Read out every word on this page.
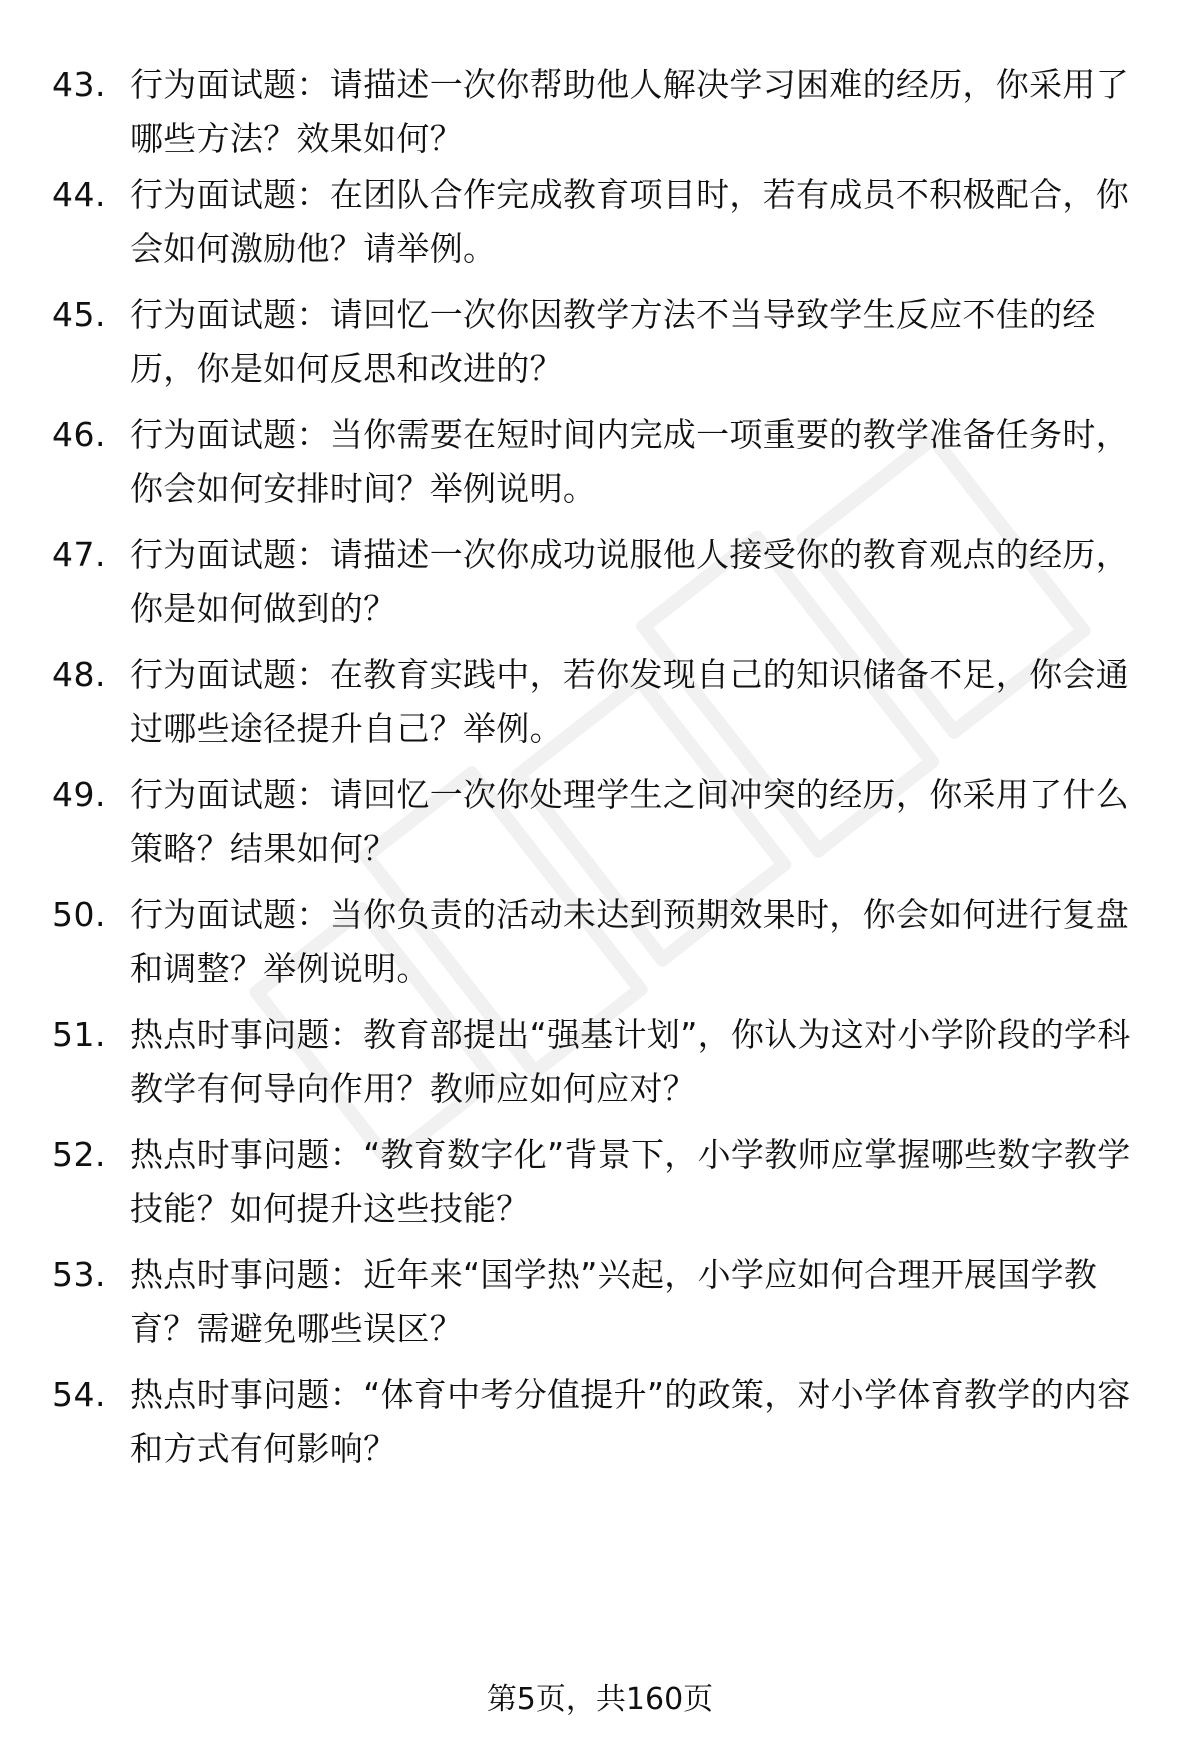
43. 行为面试题：请描述一次你帮助他人解决学习困难的经历，你采用了哪些方法？效果如何？
44. 行为面试题：在团队合作完成教育项目时，若有成员不积极配合，你会如何激励他？请举例。
45. 行为面试题：请回忆一次你因教学方法不当导致学生反应不佳的经历，你是如何反思和改进的？
46. 行为面试题：当你需要在短时间内完成一项重要的教学准备任务时，你会如何安排时间？举例说明。
47. 行为面试题：请描述一次你成功说服他人接受你的教育观点的经历，你是如何做到的？
48. 行为面试题：在教育实践中，若你发现自己的知识储备不足，你会通过哪些途径提升自己？举例。
49. 行为面试题：请回忆一次你处理学生之间冲突的经历，你采用了什么策略？结果如何？
50. 行为面试题：当你负责的活动未达到预期效果时，你会如何进行复盘和调整？举例说明。
51. 热点时事问题：教育部提出“强基计划”，你认为这对小学阶段的学科教学有何导向作用？教师应如何应对？
52. 热点时事问题：“教育数字化”背景下，小学教师应掌握哪些数字教学技能？如何提升这些技能？
53. 热点时事问题：近年来“国学热”兴起，小学应如何合理开展国学教育？需避免哪些误区？
54. 热点时事问题：“体育中考分值提升”的政策，对小学体育教学的内容和方式有何影响？
第5页，共160页
